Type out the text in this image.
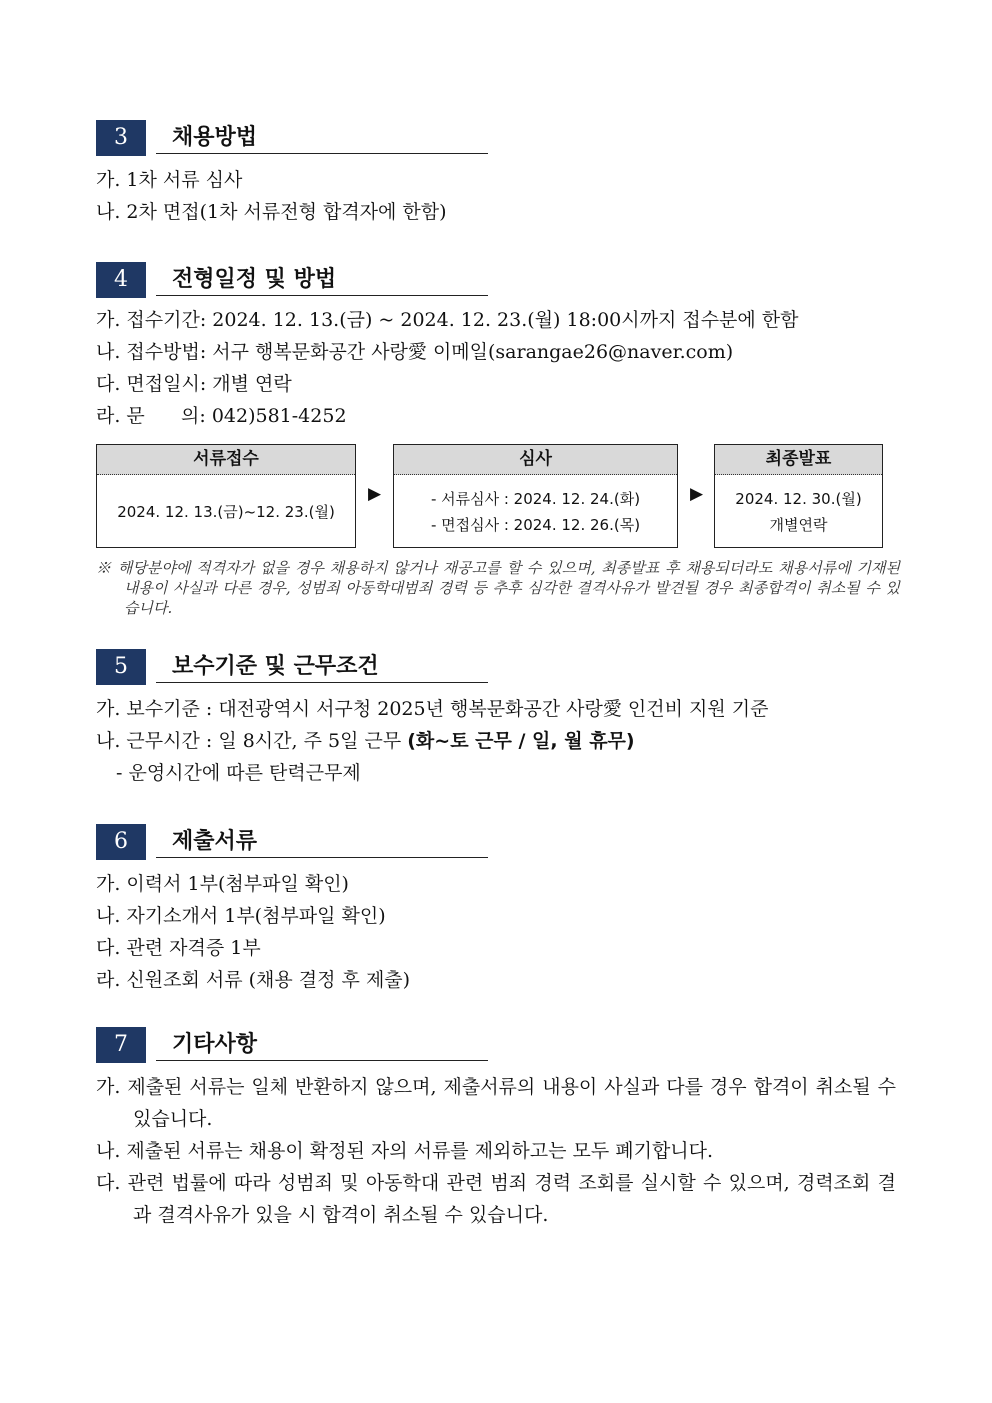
3	채용방법
가. 1차 서류 심사
나. 2차 면접(1차 서류전형 합격자에 한함)
4	전형일정 및 방법
가. 접수기간: 2024. 12. 13.(금) ~ 2024. 12. 23.(월) 18:00시까지 접수분에 한함
나. 접수방법: 서구 행복문화공간 사랑愛 이메일(sarangae26@naver.com)
다. 면접일시: 개별 연락
라. 문      의: 042)581-4252
서류접수
2024. 12. 13.(금)~12. 23.(월)
▶
심사
- 서류심사 : 2024. 12. 24.(화)
- 면접심사 : 2024. 12. 26.(목)
▶
최종발표
2024. 12. 30.(월)
개별연락
※ 해당분야에 적격자가 없을 경우 채용하지 않거나 재공고를 할 수 있으며, 최종발표 후 채용되더라도 채용서류에 기재된 내용이 사실과 다른 경우, 성범죄 아동학대범죄 경력 등 추후 심각한 결격사유가 발견될 경우 최종합격이 취소될 수 있습니다.
5	보수기준 및 근무조건
가. 보수기준 : 대전광역시 서구청 2025년 행복문화공간 사랑愛 인건비 지원 기준
나. 근무시간 : 일 8시간, 주 5일 근무 (화~토 근무 / 일, 월 휴무)
- 운영시간에 따른 탄력근무제
6	제출서류
가. 이력서 1부(첨부파일 확인)
나. 자기소개서 1부(첨부파일 확인)
다. 관련 자격증 1부
라. 신원조회 서류 (채용 결정 후 제출)
7	기타사항
가. 제출된 서류는 일체 반환하지 않으며, 제출서류의 내용이 사실과 다를 경우 합격이 취소될 수 있습니다.
나. 제출된 서류는 채용이 확정된 자의 서류를 제외하고는 모두 폐기합니다.
다. 관련 법률에 따라 성범죄 및 아동학대 관련 범죄 경력 조회를 실시할 수 있으며, 경력조회 결과 결격사유가 있을 시 합격이 취소될 수 있습니다.
